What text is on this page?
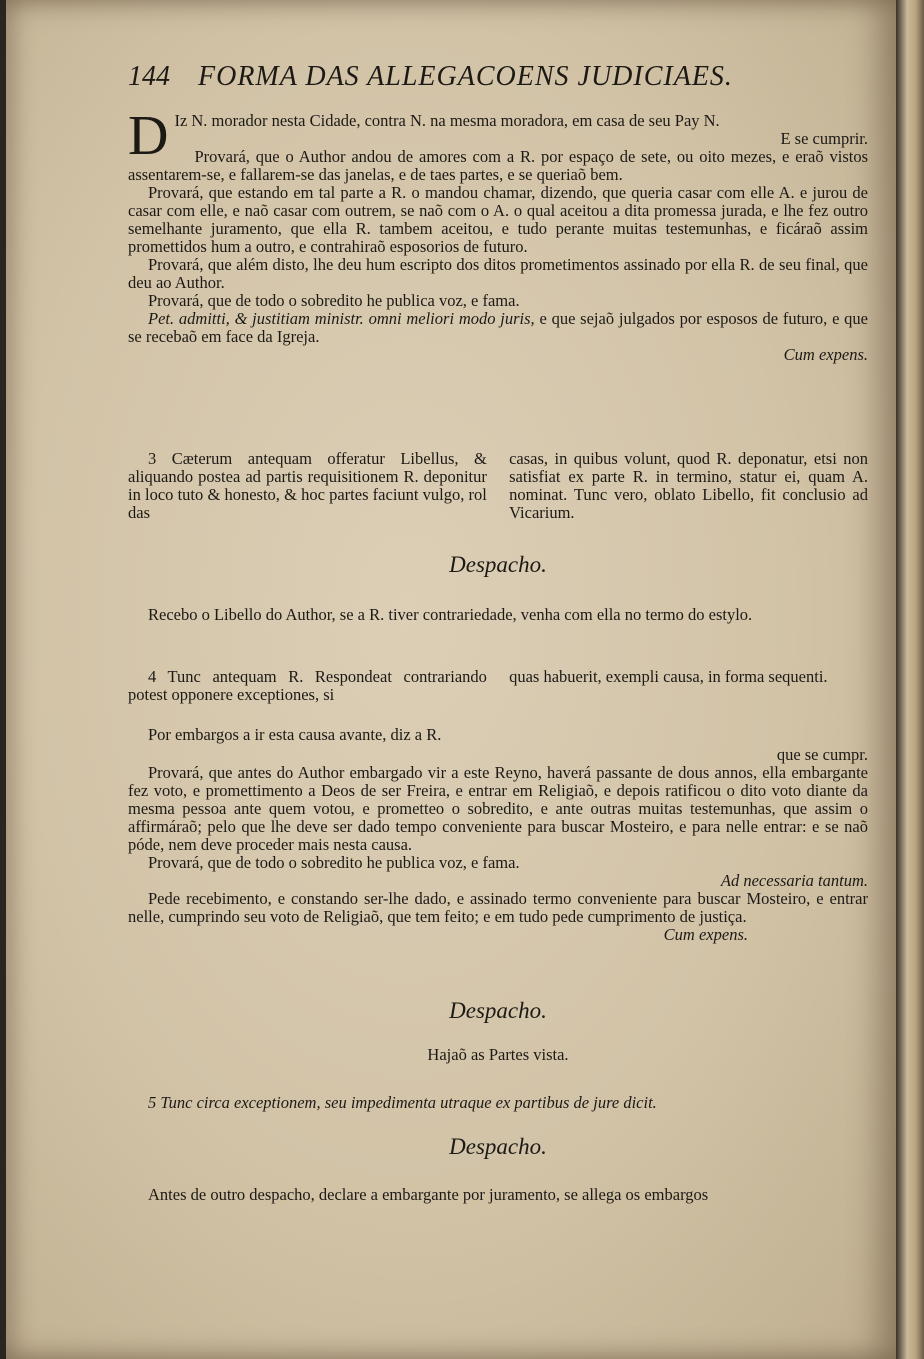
144 FORMA DAS ALLEGACOENS JUDICIAES.

D Iz N. morador nesta Cidade, contra N. na mesma moradora, em casa de seu Pay N.

E se cumprir.

Provará, que o Author andou de amores com a R. por espaço de sete, ou oito mezes, e eraõ vistos assentarem-se, e fallarem-se das janelas, e de taes partes, e se queriaõ bem.

Provará, que estando em tal parte a R. o mandou chamar, dizendo, que queria casar com elle A. e jurou de casar com elle, e naõ casar com outrem, se naõ com o A. o qual aceitou a dita promessa jurada, e lhe fez outro semelhante juramento, que ella R. tambem aceitou, e tudo perante muitas testemunhas, e ficáraõ assim promettidos hum a outro, e contrahiraõ esposorios de futuro.

Provará, que além disto, lhe deu hum escripto dos ditos prometimentos assinado por ella R. de seu final, que deu ao Author.

Provará, que de todo o sobredito he publica voz, e fama.

Pet. admitti, & justitiam ministr. omni meliori modo juris, e que sejaõ julgados por esposos de futuro, e que se recebaõ em face da Igreja.

Cum expens.

3 Cæterum antequam offeratur Libellus, & aliquando postea ad partis requisitionem R. deponitur in loco tuto & honesto, & hoc partes faciunt vulgo, rol das

casas, in quibus volunt, quod R. deponatur, etsi non satisfiat ex parte R. in termino, statur ei, quam A. nominat. Tunc vero, oblato Libello, fit conclusio ad Vicarium.

Despacho.

Recebo o Libello do Author, se a R. tiver contrariedade, venha com ella no termo do estylo.

4 Tunc antequam R. Respondeat contrariando potest opponere exceptiones, si

quas habuerit, exempli causa, in forma sequenti.

Por embargos a ir esta causa avante, diz a R.

que se cumpr.

Provará, que antes do Author embargado vir a este Reyno, haverá passante de dous annos, ella embargante fez voto, e promettimento a Deos de ser Freira, e entrar em Religiaõ, e depois ratificou o dito voto diante da mesma pessoa ante quem votou, e prometteo o sobredito, e ante outras muitas testemunhas, que assim o affirmáraõ; pelo que lhe deve ser dado tempo conveniente para buscar Mosteiro, e para nelle entrar: e se naõ póde, nem deve proceder mais nesta causa.

Provará, que de todo o sobredito he publica voz, e fama.

Ad necessaria tantum.

Pede recebimento, e constando ser-lhe dado, e assinado termo conveniente para buscar Mosteiro, e entrar nelle, cumprindo seu voto de Religiaõ, que tem feito; e em tudo pede cumprimento de justiça.

Cum expens.

Despacho.
Hajaõ as Partes vista.

5 Tunc circa exceptionem, seu impedimenta utraque ex partibus de jure dicit.

Despacho.

Antes de outro despacho, declare a embargante por juramento, se allega os embargos
